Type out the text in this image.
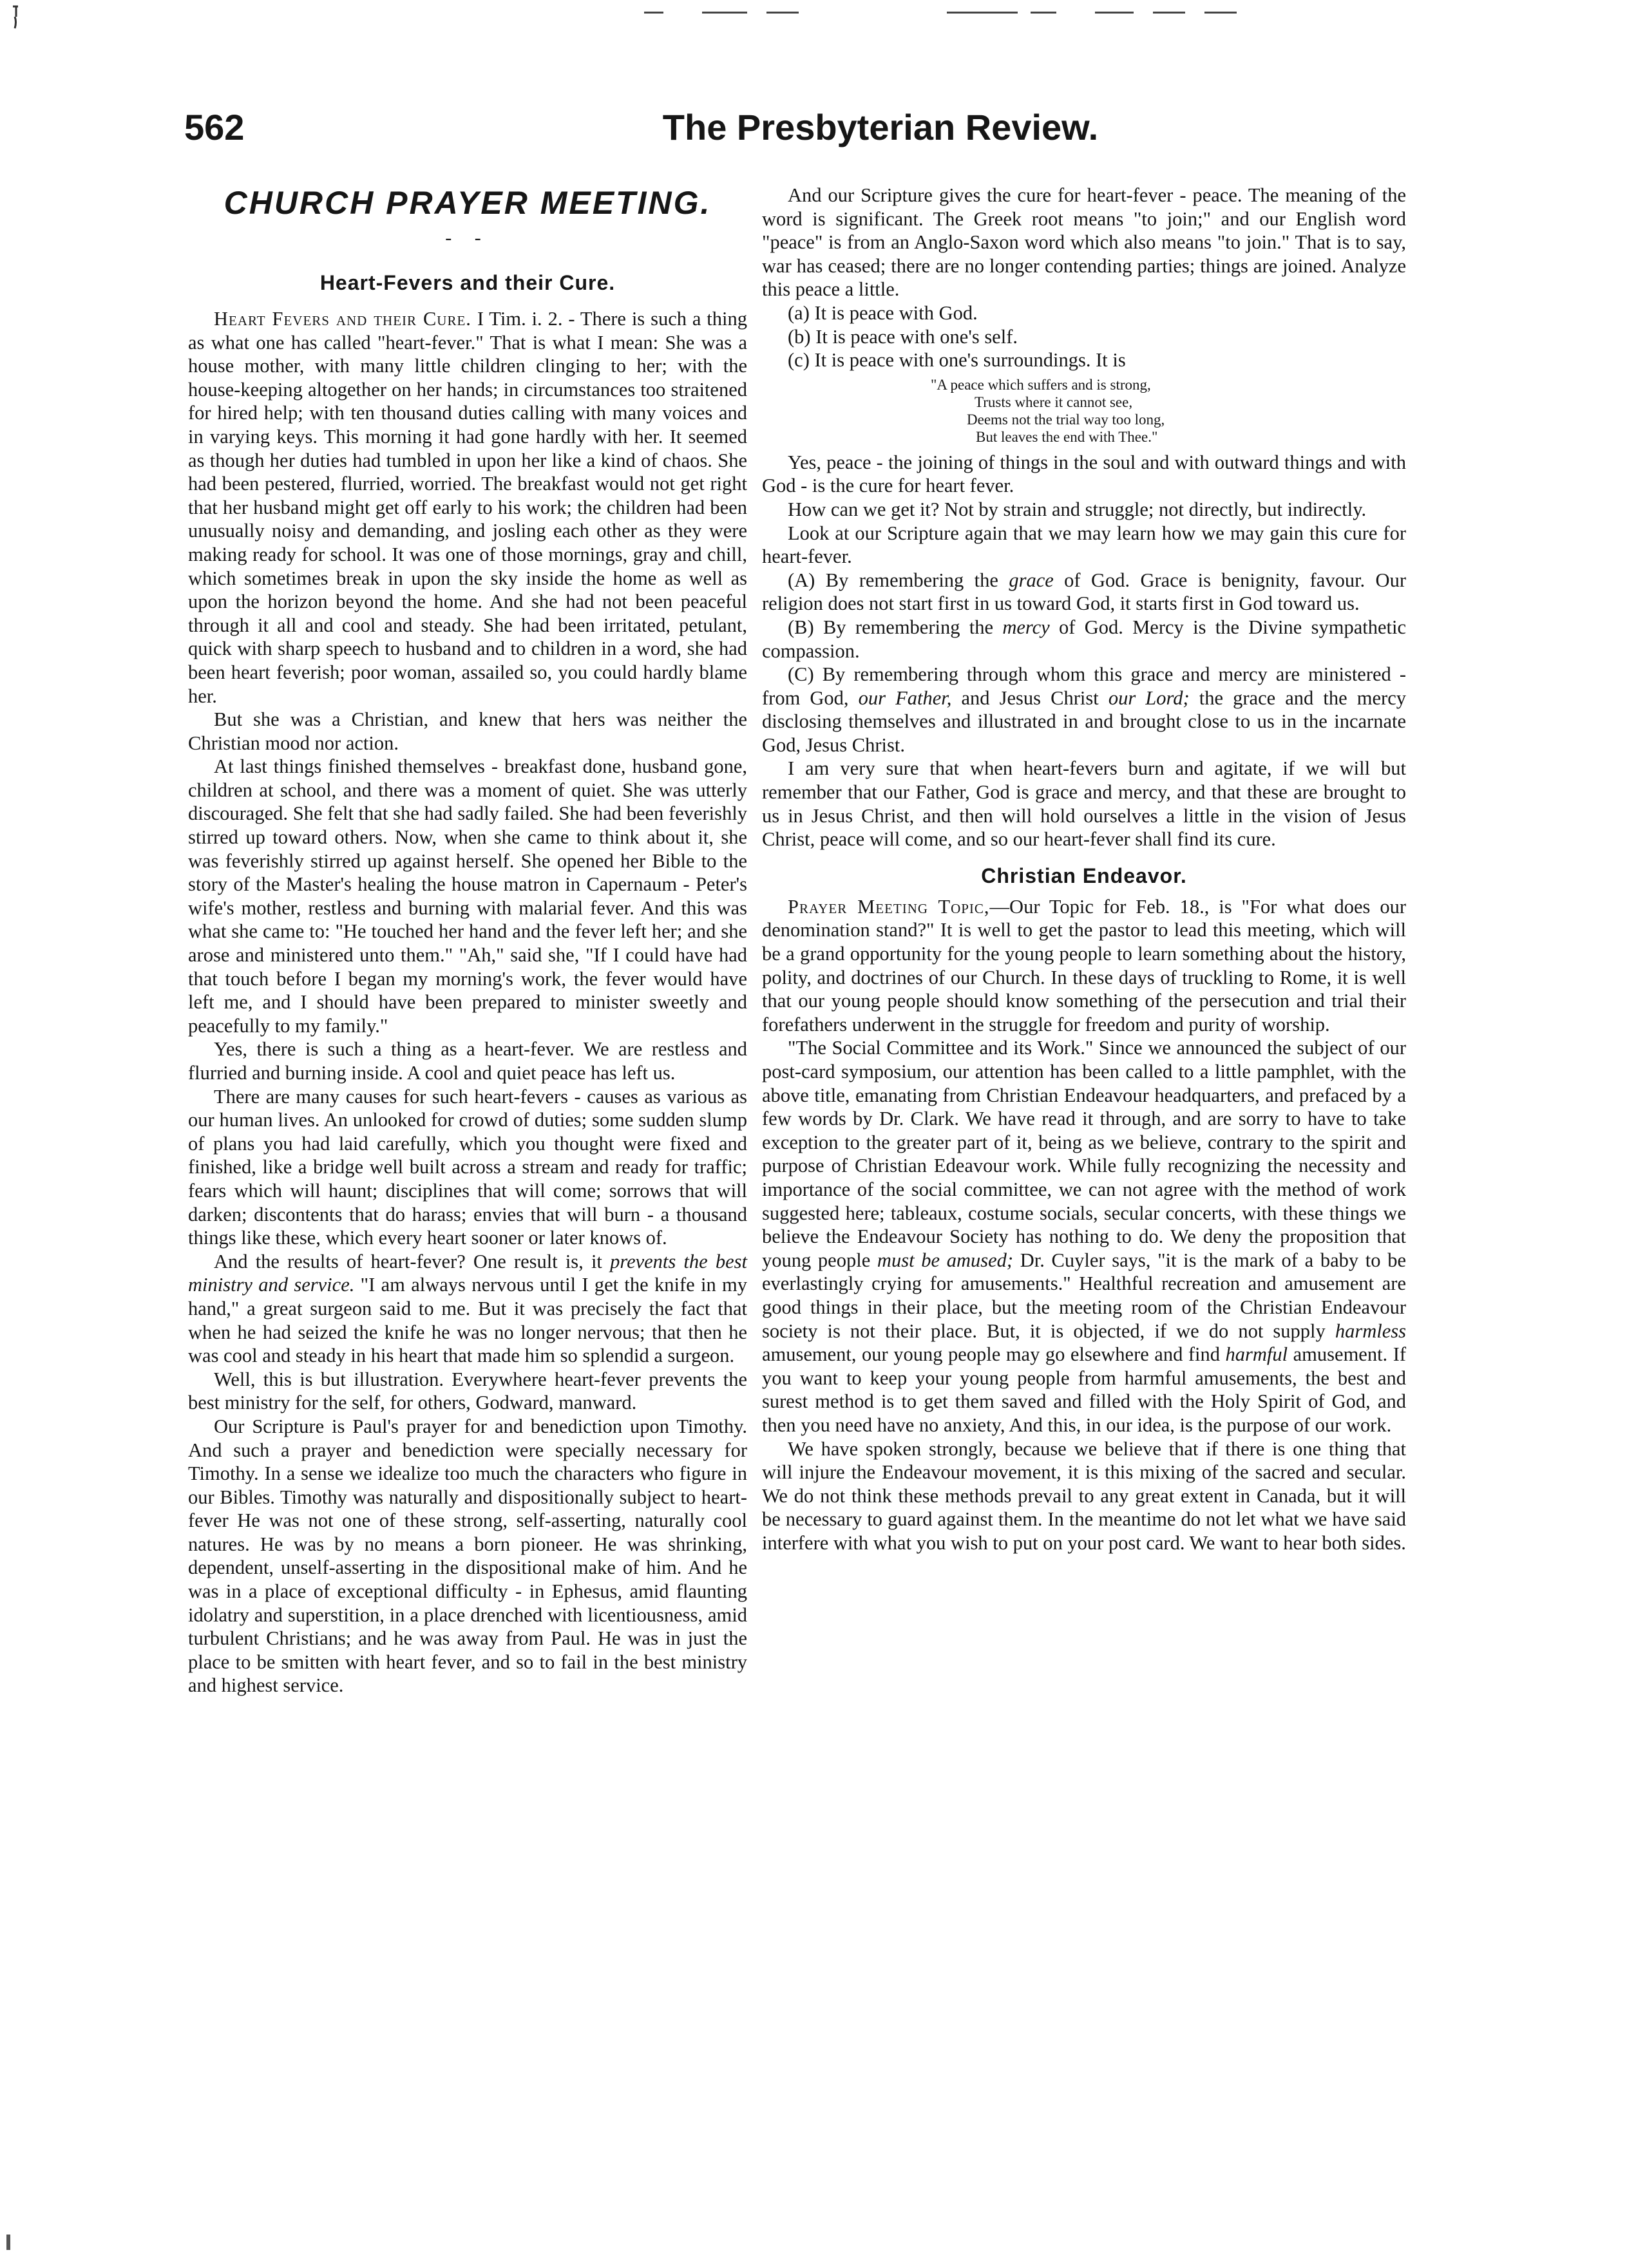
562	The Presbyterian Review.
CHURCH PRAYER MEETING.
- -
Heart-Fevers and their Cure.

Heart Fevers and their Cure. I Tim. i. 2. - There is such a thing as what one has called "heart-fever." That is what I mean: She was a house mother, with many little children clinging to her; with the house-keeping altogether on her hands; in circumstances too straitened for hired help; with ten thousand duties calling with many voices and in varying keys. This morning it had gone hardly with her. It seemed as though her duties had tumbled in upon her like a kind of chaos. She had been pestered, flurried, worried. The breakfast would not get right that her husband might get off early to his work; the children had been unusually noisy and demanding, and josling each other as they were making ready for school. It was one of those mornings, gray and chill, which sometimes break in upon the sky inside the home as well as upon the horizon beyond the home. And she had not been peaceful through it all and cool and steady. She had been irritated, petulant, quick with sharp speech to husband and to children in a word, she had been heart feverish; poor woman, assailed so, you could hardly blame her.

But she was a Christian, and knew that hers was neither the Christian mood nor action.

At last things finished themselves - breakfast done, husband gone, children at school, and there was a moment of quiet. She was utterly discouraged. She felt that she had sadly failed. She had been feverishly stirred up toward others. Now, when she came to think about it, she was feverishly stirred up against herself. She opened her Bible to the story of the Master's healing the house matron in Capernaum - Peter's wife's mother, restless and burning with malarial fever. And this was what she came to: "He touched her hand and the fever left her; and she arose and ministered unto them." "Ah," said she, "If I could have had that touch before I began my morning's work, the fever would have left me, and I should have been prepared to minister sweetly and peacefully to my family."

Yes, there is such a thing as a heart-fever. We are restless and flurried and burning inside. A cool and quiet peace has left us.

There are many causes for such heart-fevers - causes as various as our human lives. An unlooked for crowd of duties; some sudden slump of plans you had laid carefully, which you thought were fixed and finished, like a bridge well built across a stream and ready for traffic; fears which will haunt; disciplines that will come; sorrows that will darken; discontents that do harass; envies that will burn - a thousand things like these, which every heart sooner or later knows of.

And the results of heart-fever? One result is, it prevents the best ministry and service. "I am always nervous until I get the knife in my hand," a great surgeon said to me. But it was precisely the fact that when he had seized the knife he was no longer nervous; that then he was cool and steady in his heart that made him so splendid a surgeon.

Well, this is but illustration. Everywhere heart-fever prevents the best ministry for the self, for others, Godward, manward.

Our Scripture is Paul's prayer for and benediction upon Timothy. And such a prayer and benediction were specially necessary for Timothy. In a sense we idealize too much the characters who figure in our Bibles. Timothy was naturally and dispositionally subject to heart-fever He was not one of these strong, self-asserting, naturally cool natures. He was by no means a born pioneer. He was shrinking, dependent, unself-asserting in the dispositional make of him. And he was in a place of exceptional difficulty - in Ephesus, amid flaunting idolatry and superstition, in a place drenched with licentiousness, amid turbulent Christians; and he was away from Paul. He was in just the place to be smitten with heart fever, and so to fail in the best ministry and highest service.

And our Scripture gives the cure for heart-fever - peace. The meaning of the word is significant. The Greek root means "to join;" and our English word "peace" is from an Anglo-Saxon word which also means "to join." That is to say, war has ceased; there are no longer contending parties; things are joined. Analyze this peace a little.

(a) It is peace with God.

(b) It is peace with one's self.

(c) It is peace with one's surroundings. It is

"A peace which suffers and is strong,
Trusts where it cannot see,
Deems not the trial way too long,
But leaves the end with Thee."

Yes, peace - the joining of things in the soul and with outward things and with God - is the cure for heart fever.

How can we get it? Not by strain and struggle; not directly, but indirectly.

Look at our Scripture again that we may learn how we may gain this cure for heart-fever.

(A) By remembering the grace of God. Grace is benignity, favour. Our religion does not start first in us toward God, it starts first in God toward us.

(B) By remembering the mercy of God. Mercy is the Divine sympathetic compassion.

(C) By remembering through whom this grace and mercy are ministered - from God, our Father, and Jesus Christ our Lord; the grace and the mercy disclosing themselves and illustrated in and brought close to us in the incarnate God, Jesus Christ.

I am very sure that when heart-fevers burn and agitate, if we will but remember that our Father, God is grace and mercy, and that these are brought to us in Jesus Christ, and then will hold ourselves a little in the vision of Jesus Christ, peace will come, and so our heart-fever shall find its cure.

Christian Endeavor.

Prayer Meeting Topic,—Our Topic for Feb. 18., is "For what does our denomination stand?" It is well to get the pastor to lead this meeting, which will be a grand opportunity for the young people to learn something about the history, polity, and doctrines of our Church. In these days of truckling to Rome, it is well that our young people should know something of the persecution and trial their forefathers underwent in the struggle for freedom and purity of worship.

"The Social Committee and its Work." Since we announced the subject of our post-card symposium, our attention has been called to a little pamphlet, with the above title, emanating from Christian Endeavour headquarters, and prefaced by a few words by Dr. Clark. We have read it through, and are sorry to have to take exception to the greater part of it, being as we believe, contrary to the spirit and purpose of Christian Edeavour work. While fully recognizing the necessity and importance of the social committee, we can not agree with the method of work suggested here; tableaux, costume socials, secular concerts, with these things we believe the Endeavour Society has nothing to do. We deny the proposition that young people must be amused; Dr. Cuyler says, "it is the mark of a baby to be everlastingly crying for amusements." Healthful recreation and amusement are good things in their place, but the meeting room of the Christian Endeavour society is not their place. But, it is objected, if we do not supply harmless amusement, our young people may go elsewhere and find harmful amusement. If you want to keep your young people from harmful amusements, the best and surest method is to get them saved and filled with the Holy Spirit of God, and then you need have no anxiety, And this, in our idea, is the purpose of our work.

We have spoken strongly, because we believe that if there is one thing that will injure the Endeavour movement, it is this mixing of the sacred and secular. We do not think these methods prevail to any great extent in Canada, but it will be necessary to guard against them. In the meantime do not let what we have said interfere with what you wish to put on your post card. We want to hear both sides.
